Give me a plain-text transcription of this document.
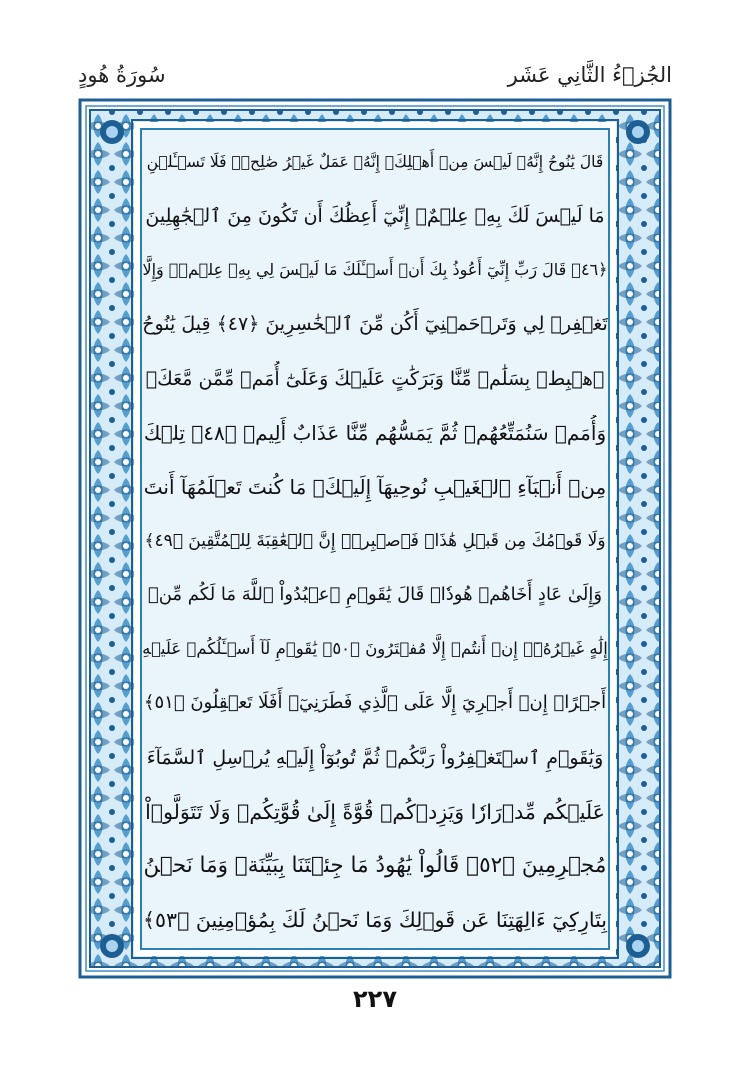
الجُزۡءُ الثَّانِي عَشَر
سُورَةُ هُودٍ
قَالَ يَٰنُوحُ إِنَّهُۥ لَيۡسَ مِنۡ أَهۡلِكَۖ إِنَّهُۥ عَمَلٌ غَيۡرُ صَٰلِحٖۖ فَلَا تَسۡـَٔلۡنِ
مَا لَيۡسَ لَكَ بِهِۦ عِلۡمٌۖ إِنِّيٓ أَعِظُكَ أَن تَكُونَ مِنَ ٱلۡجَٰهِلِينَ
﴿٤٦﴾ قَالَ رَبِّ إِنِّيٓ أَعُوذُ بِكَ أَنۡ أَسۡـَٔلَكَ مَا لَيۡسَ لِي بِهِۦ عِلۡمٞۖ وَإِلَّا
تَغۡفِرۡ لِي وَتَرۡحَمۡنِيٓ أَكُن مِّنَ ٱلۡخَٰسِرِينَ ﴿٤٧﴾ قِيلَ يَٰنُوحُ
ٱهۡبِطۡ بِسَلَٰمٖ مِّنَّا وَبَرَكَٰتٍ عَلَيۡكَ وَعَلَىٰٓ أُمَمٖ مِّمَّن مَّعَكَۚ
وَأُمَمٞ سَنُمَتِّعُهُمۡ ثُمَّ يَمَسُّهُم مِّنَّا عَذَابٌ أَلِيمٞ ﴿٤٨﴾ تِلۡكَ
مِنۡ أَنۢبَآءِ ٱلۡغَيۡبِ نُوحِيهَآ إِلَيۡكَۖ مَا كُنتَ تَعۡلَمُهَآ أَنتَ
وَلَا قَوۡمُكَ مِن قَبۡلِ هَٰذَاۖ فَٱصۡبِرۡۖ إِنَّ ٱلۡعَٰقِبَةَ لِلۡمُتَّقِينَ ﴿٤٩﴾
وَإِلَىٰ عَادٍ أَخَاهُمۡ هُودٗاۚ قَالَ يَٰقَوۡمِ ٱعۡبُدُواْ ٱللَّهَ مَا لَكُم مِّنۡ
إِلَٰهٍ غَيۡرُهُۥٓۖ إِنۡ أَنتُمۡ إِلَّا مُفۡتَرُونَ ﴿٥٠﴾ يَٰقَوۡمِ لَآ أَسۡـَٔلُكُمۡ عَلَيۡهِ
أَجۡرًاۖ إِنۡ أَجۡرِيَ إِلَّا عَلَى ٱلَّذِي فَطَرَنِيٓۚ أَفَلَا تَعۡقِلُونَ ﴿٥١﴾
وَيَٰقَوۡمِ ٱسۡتَغۡفِرُواْ رَبَّكُمۡ ثُمَّ تُوبُوٓاْ إِلَيۡهِ يُرۡسِلِ ٱلسَّمَآءَ
عَلَيۡكُم مِّدۡرَارٗا وَيَزِدۡكُمۡ قُوَّةً إِلَىٰ قُوَّتِكُمۡ وَلَا تَتَوَلَّوۡاْ
مُجۡرِمِينَ ﴿٥٢﴾ قَالُواْ يَٰهُودُ مَا جِئۡتَنَا بِبَيِّنَةٖ وَمَا نَحۡنُ
بِتَارِكِيٓ ءَالِهَتِنَا عَن قَوۡلِكَ وَمَا نَحۡنُ لَكَ بِمُؤۡمِنِينَ ﴿٥٣﴾
٢٢٧
